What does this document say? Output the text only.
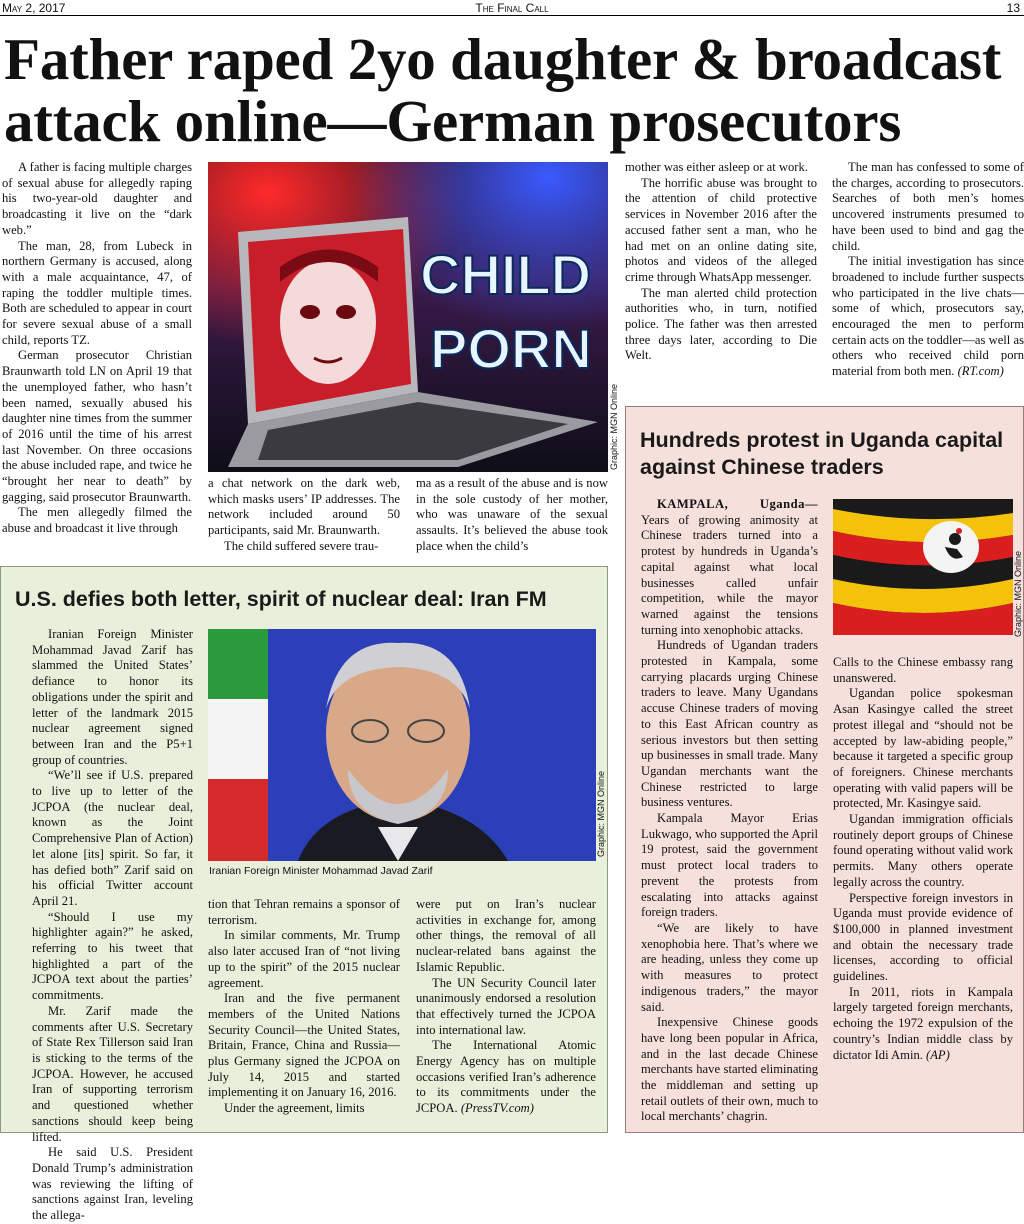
May 2, 2017	The Final Call	13
Father raped 2yo daughter & broadcast attack online—German prosecutors

A father is facing multiple charges of sexual abuse for allegedly raping his two-year-old daughter and broadcasting it live on the “dark web.”

The man, 28, from Lubeck in northern Germany is accused, along with a male acquaintance, 47, of raping the toddler multiple times. Both are scheduled to appear in court for severe sexual abuse of a small child, reports TZ.

German prosecutor Christian Braunwarth told LN on April 19 that the unemployed father, who hasn’t been named, sexually abused his daughter nine times from the summer of 2016 until the time of his arrest last November. On three occasions the abuse included rape, and twice he “brought her near to death” by gagging, said prosecutor Braunwarth.

The men allegedly filmed the abuse and broadcast it live through

CHILD
PORN
Graphic: MGN Online

a chat network on the dark web, which masks users’ IP addresses. The network included around 50 participants, said Mr. Braunwarth.

The child suffered severe trau-

ma as a result of the abuse and is now in the sole custody of her mother, who was unaware of the sexual assaults. It’s believed the abuse took place when the child’s

mother was either asleep or at work.

The horrific abuse was brought to the attention of child protective services in November 2016 after the accused father sent a man, who he had met on an online dating site, photos and videos of the alleged crime through WhatsApp messenger.

The man alerted child protection authorities who, in turn, notified police. The father was then arrested three days later, according to Die Welt.

The man has confessed to some of the charges, according to prosecutors. Searches of both men’s homes uncovered instruments presumed to have been used to bind and gag the child.

The initial investigation has since broadened to include further suspects who participated in the live chats—some of which, prosecutors say, encouraged the men to perform certain acts on the toddler—as well as others who received child porn material from both men. (RT.com)

U.S. defies both letter, spirit of nuclear deal: Iran FM

Iranian Foreign Minister Mohammad Javad Zarif has slammed the United States’ defiance to honor its obligations under the spirit and letter of the landmark 2015 nuclear agreement signed between Iran and the P5+1 group of countries.

“We’ll see if U.S. prepared to live up to letter of the JCPOA (the nuclear deal, known as the Joint Comprehensive Plan of Action) let alone [its] spirit. So far, it has defied both” Zarif said on his official Twitter account April 21.

“Should I use my highlighter again?” he asked, referring to his tweet that highlighted a part of the JCPOA text about the parties’ commitments.

Mr. Zarif made the comments after U.S. Secretary of State Rex Tillerson said Iran is sticking to the terms of the JCPOA. However, he accused Iran of supporting terrorism and questioned whether sanctions should keep being lifted.

He said U.S. President Donald Trump’s administration was reviewing the lifting of sanctions against Iran, leveling the allega-

Graphic: MGN Online
Iranian Foreign Minister Mohammad Javad Zarif

tion that Tehran remains a sponsor of terrorism.

In similar comments, Mr. Trump also later accused Iran of “not living up to the spirit” of the 2015 nuclear agreement.

Iran and the five permanent members of the United Nations Security Council—the United States, Britain, France, China and Russia—plus Germany signed the JCPOA on July 14, 2015 and started implementing it on January 16, 2016.

Under the agreement, limits

were put on Iran’s nuclear activities in exchange for, among other things, the removal of all nuclear-related bans against the Islamic Republic.

The UN Security Council later unanimously endorsed a resolution that effectively turned the JCPOA into international law.

The International Atomic Energy Agency has on multiple occasions verified Iran’s adherence to its commitments under the JCPOA. (PressTV.com)

Hundreds protest in Uganda capital against Chinese traders

KAMPALA, Uganda— Years of growing animosity at Chinese traders turned into a protest by hundreds in Uganda’s capital against what local businesses called unfair competition, while the mayor warned against the tensions turning into xenophobic attacks.

Hundreds of Ugandan traders protested in Kampala, some carrying placards urging Chinese traders to leave. Many Ugandans accuse Chinese traders of moving to this East African country as serious investors but then setting up businesses in small trade. Many Ugandan merchants want the Chinese restricted to large business ventures.

Kampala Mayor Erias Lukwago, who supported the April 19 protest, said the government must protect local traders to prevent the protests from escalating into attacks against foreign traders.

“We are likely to have xenophobia here. That’s where we are heading, unless they come up with measures to protect indigenous traders,” the mayor said.

Inexpensive Chinese goods have long been popular in Africa, and in the last decade Chinese merchants have started eliminating the middleman and setting up retail outlets of their own, much to local merchants’ chagrin.

Graphic: MGN Online

Calls to the Chinese embassy rang unanswered.

Ugandan police spokesman Asan Kasingye called the street protest illegal and “should not be accepted by law-abiding people,” because it targeted a specific group of foreigners. Chinese merchants operating with valid papers will be protected, Mr. Kasingye said.

Ugandan immigration officials routinely deport groups of Chinese found operating without valid work permits. Many others operate legally across the country.

Perspective foreign investors in Uganda must provide evidence of $100,000 in planned investment and obtain the necessary trade licenses, according to official guidelines.

In 2011, riots in Kampala largely targeted foreign merchants, echoing the 1972 expulsion of the country’s Indian middle class by dictator Idi Amin. (AP)
